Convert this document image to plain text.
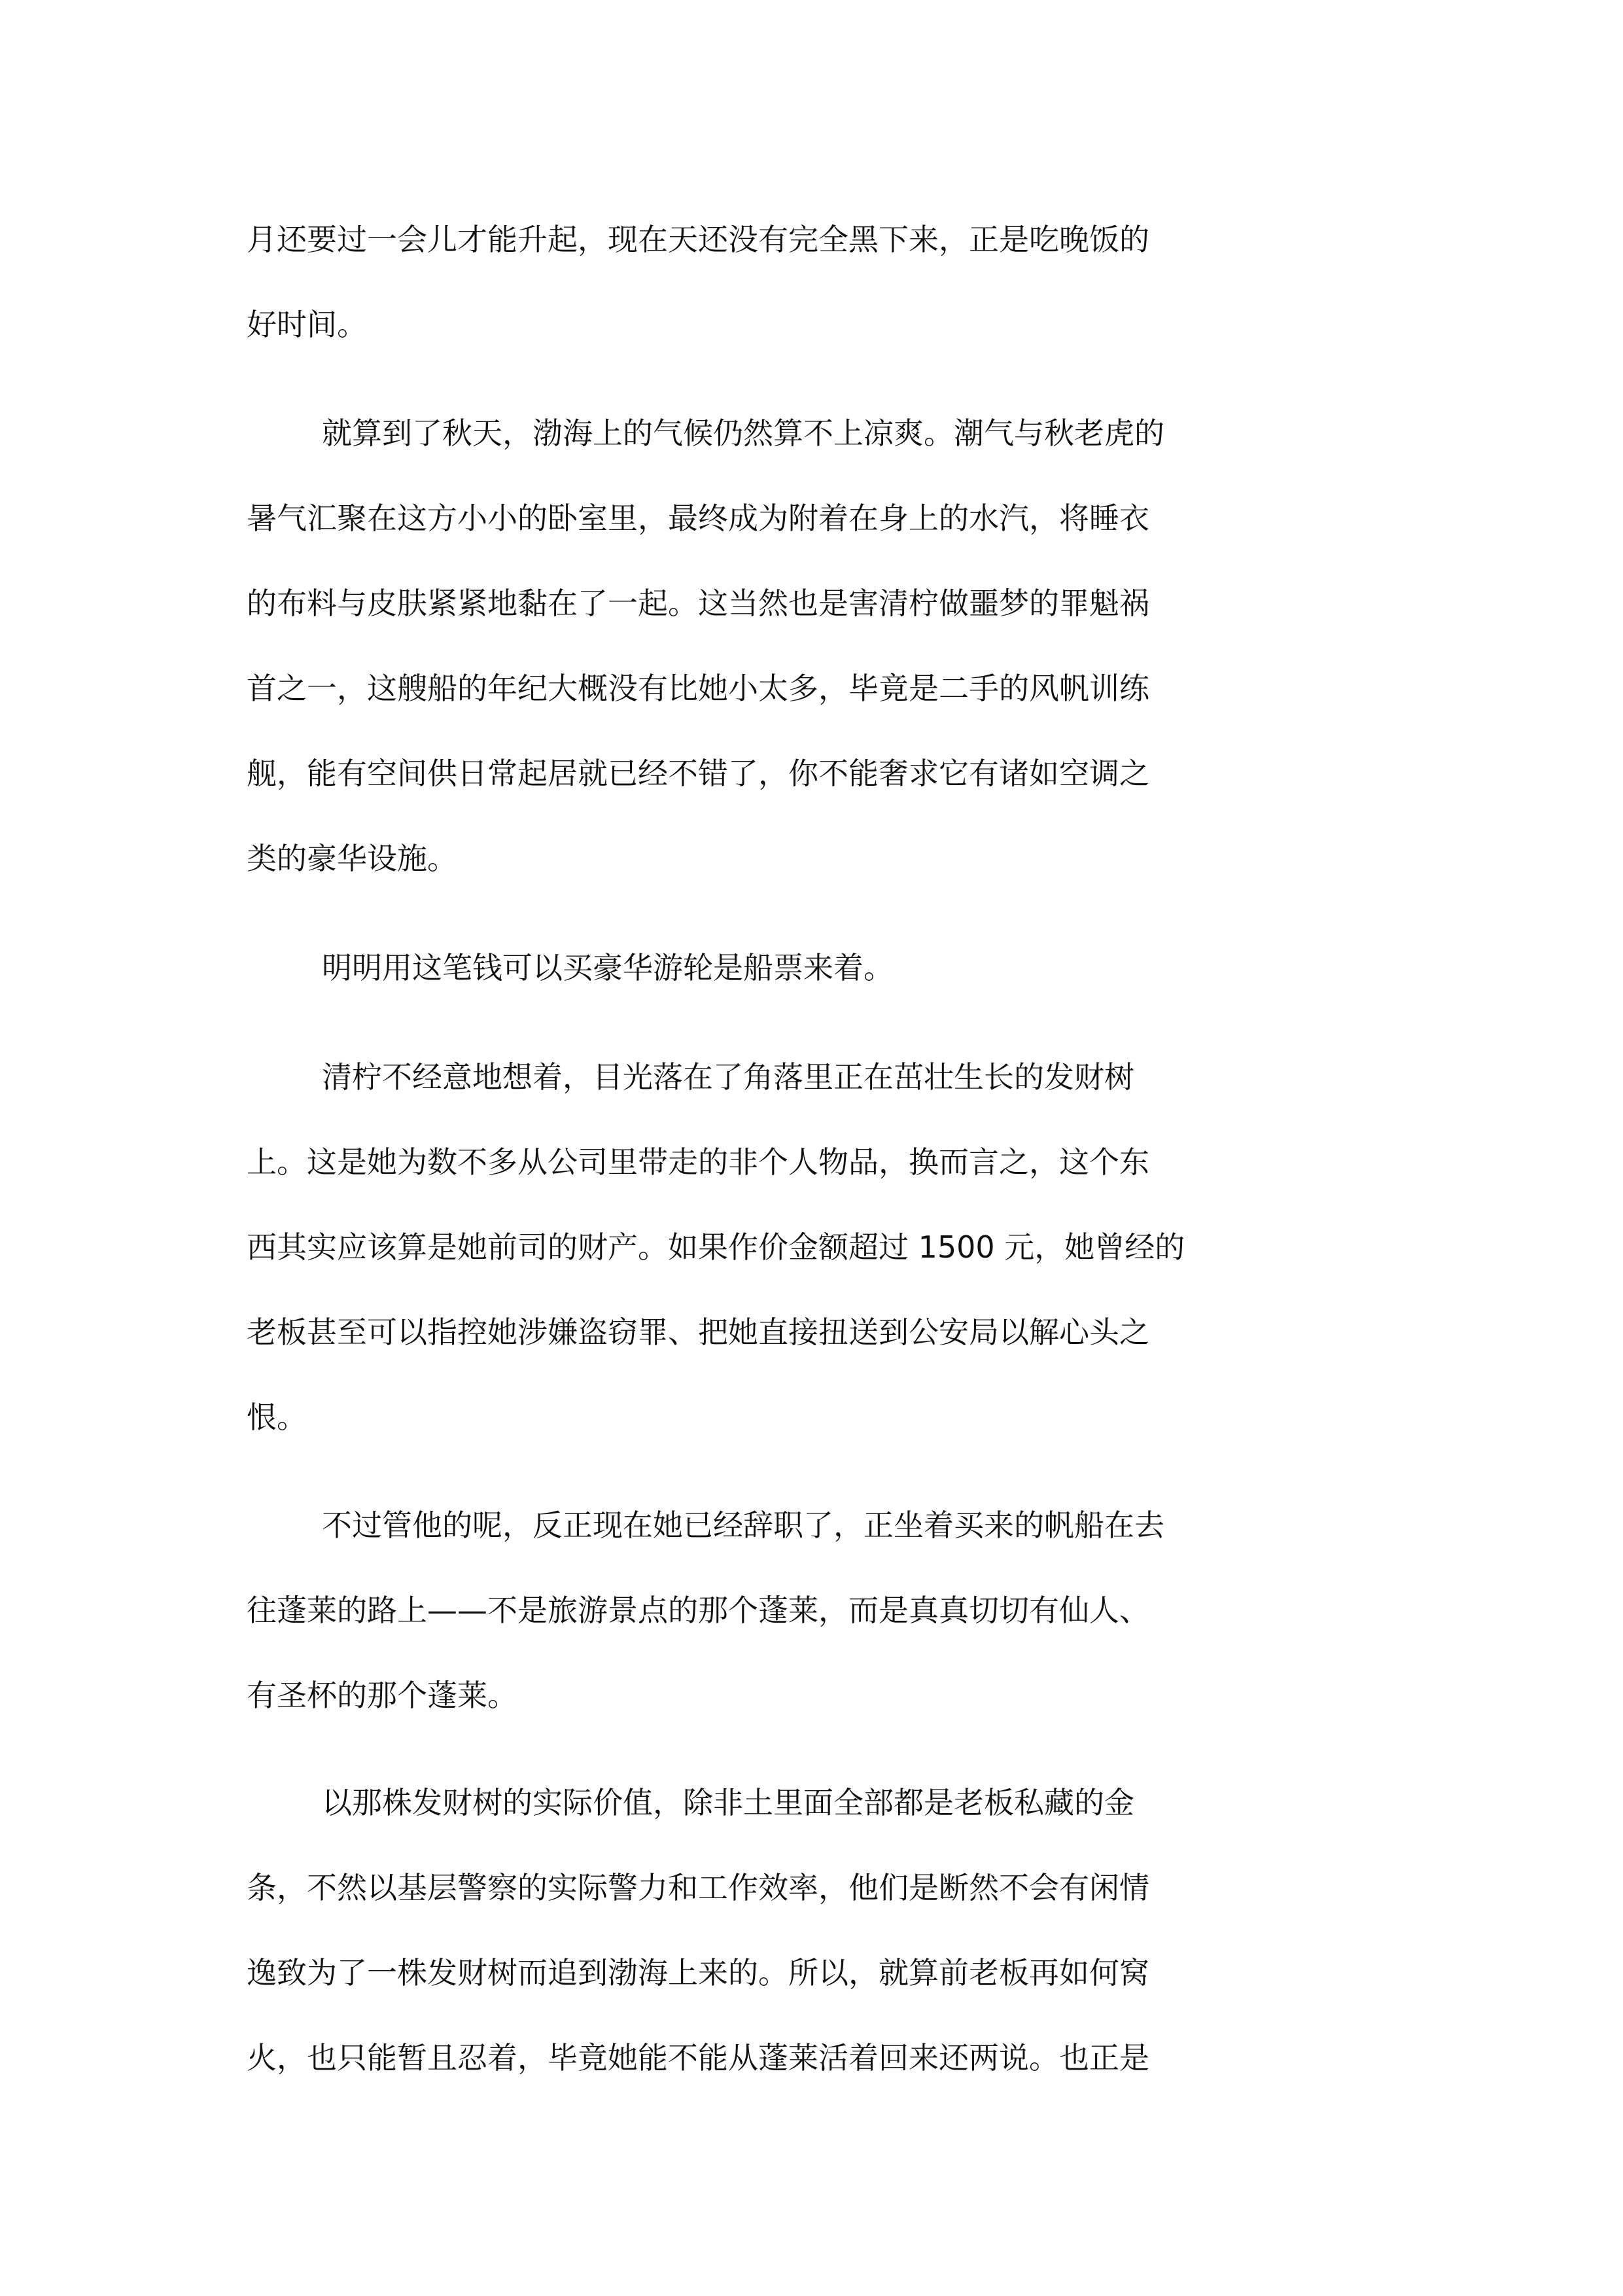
月还要过一会儿才能升起，现在天还没有完全黑下来，正是吃晚饭的
好时间。
就算到了秋天，渤海上的气候仍然算不上凉爽。潮气与秋老虎的
暑气汇聚在这方小小的卧室里，最终成为附着在身上的水汽，将睡衣
的布料与皮肤紧紧地黏在了一起。这当然也是害清柠做噩梦的罪魁祸
首之一，这艘船的年纪大概没有比她小太多，毕竟是二手的风帆训练
舰，能有空间供日常起居就已经不错了，你不能奢求它有诸如空调之
类的豪华设施。
明明用这笔钱可以买豪华游轮是船票来着。
清柠不经意地想着，目光落在了角落里正在茁壮生长的发财树
上。这是她为数不多从公司里带走的非个人物品，换而言之，这个东
西其实应该算是她前司的财产。如果作价金额超过 1500 元，她曾经的
老板甚至可以指控她涉嫌盗窃罪、把她直接扭送到公安局以解心头之
恨。
不过管他的呢，反正现在她已经辞职了，正坐着买来的帆船在去
往蓬莱的路上——不是旅游景点的那个蓬莱，而是真真切切有仙人、
有圣杯的那个蓬莱。
以那株发财树的实际价值，除非土里面全部都是老板私藏的金
条，不然以基层警察的实际警力和工作效率，他们是断然不会有闲情
逸致为了一株发财树而追到渤海上来的。所以，就算前老板再如何窝
火，也只能暂且忍着，毕竟她能不能从蓬莱活着回来还两说。也正是
